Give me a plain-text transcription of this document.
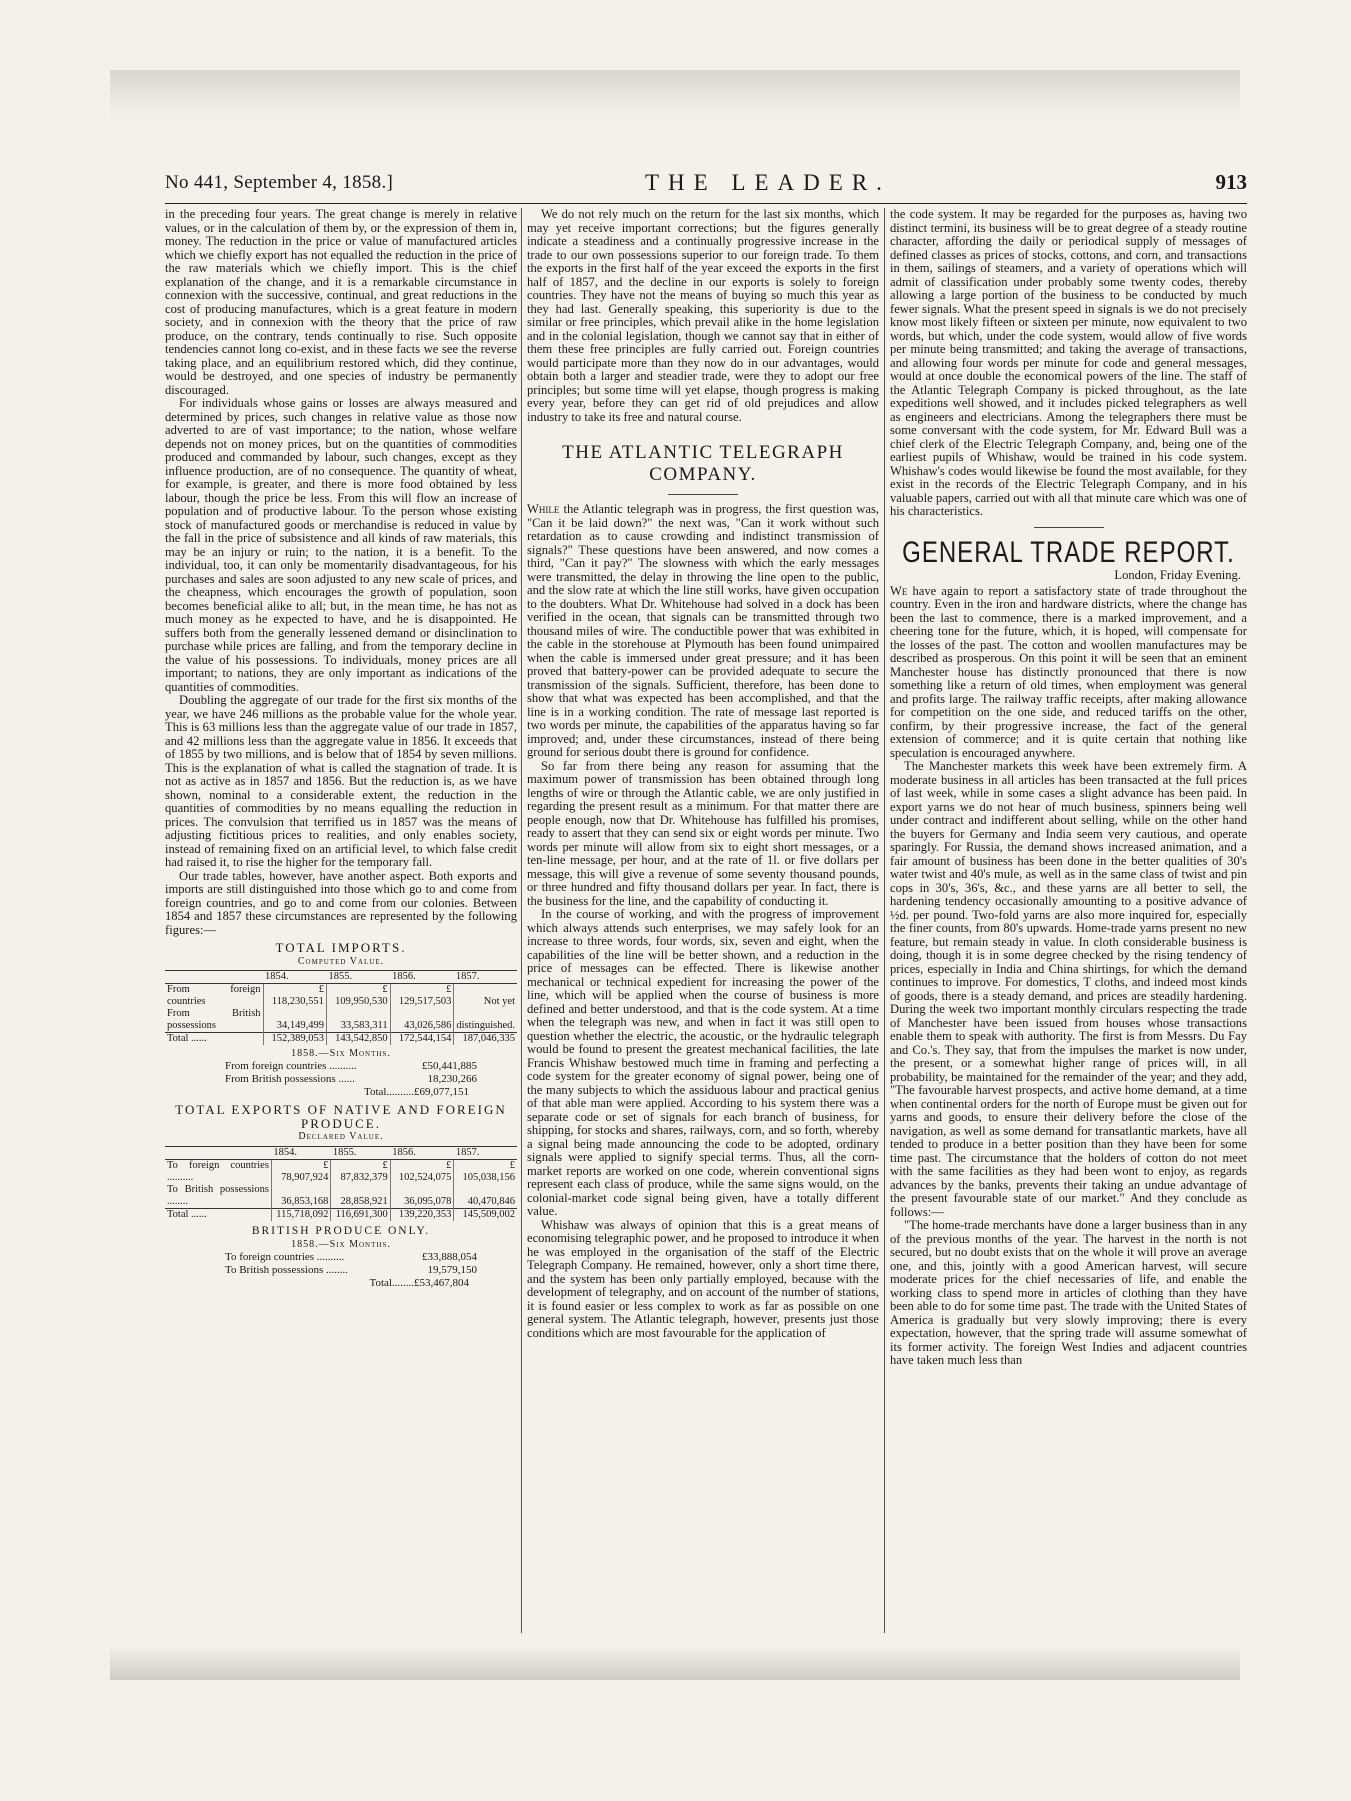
No 441, September 4, 1858.]	THE LEADER.	913

in the preceding four years. The great change is merely in relative values, or in the calculation of them by, or the expression of them in, money. The reduction in the price or value of manufactured articles which we chiefly export has not equalled the reduction in the price of the raw materials which we chiefly import. This is the chief explanation of the change, and it is a remarkable circumstance in connexion with the successive, continual, and great reductions in the cost of producing manufactures, which is a great feature in modern society, and in connexion with the theory that the price of raw produce, on the contrary, tends continually to rise. Such opposite tendencies cannot long co-exist, and in these facts we see the reverse taking place, and an equilibrium restored which, did they continue, would be destroyed, and one species of industry be permanently discouraged.

For individuals whose gains or losses are always measured and determined by prices, such changes in relative value as those now adverted to are of vast importance; to the nation, whose welfare depends not on money prices, but on the quantities of commodities produced and commanded by labour, such changes, except as they influence production, are of no consequence. The quantity of wheat, for example, is greater, and there is more food obtained by less labour, though the price be less. From this will flow an increase of population and of productive labour. To the person whose existing stock of manufactured goods or merchandise is reduced in value by the fall in the price of subsistence and all kinds of raw materials, this may be an injury or ruin; to the nation, it is a benefit. To the individual, too, it can only be momentarily disadvantageous, for his purchases and sales are soon adjusted to any new scale of prices, and the cheapness, which encourages the growth of population, soon becomes beneficial alike to all; but, in the mean time, he has not as much money as he expected to have, and he is disappointed. He suffers both from the generally lessened demand or disinclination to purchase while prices are falling, and from the temporary decline in the value of his possessions. To individuals, money prices are all important; to nations, they are only important as indications of the quantities of commodities.

Doubling the aggregate of our trade for the first six months of the year, we have 246 millions as the probable value for the whole year. This is 63 millions less than the aggregate value of our trade in 1857, and 42 millions less than the aggregate value in 1856. It exceeds that of 1855 by two millions, and is below that of 1854 by seven millions. This is the explanation of what is called the stagnation of trade. It is not as active as in 1857 and 1856. But the reduction is, as we have shown, nominal to a considerable extent, the reduction in the quantities of commodities by no means equalling the reduction in prices. The convulsion that terrified us in 1857 was the means of adjusting fictitious prices to realities, and only enables society, instead of remaining fixed on an artificial level, to which false credit had raised it, to rise the higher for the temporary fall.

Our trade tables, however, have another aspect. Both exports and imports are still distinguished into those which go to and come from foreign countries, and go to and come from our colonies. Between 1854 and 1857 these circumstances are represented by the following figures:—

TOTAL IMPORTS.
Computed Value.
	1854.	1855.	1856.	1857.
From foreign countries	£ 118,230,551	£ 109,950,530	£ 129,517,503	Not yet
From British possessions	34,149,499	33,583,311	43,026,586	distinguished.
Total ......	152,389,053	143,542,850	172,544,154	187,046,335
1858.—Six Months.
From foreign countries ..........	£50,441,885
From British possessions ......	18,230,266
Total..........£69,077,151
TOTAL EXPORTS OF NATIVE AND FOREIGN PRODUCE.
Declared Value.
	1854.	1855.	1856.	1857.
To foreign countries ..........	£ 78,907,924	£ 87,832,379	£ 102,524,075	£ 105,038,156
To British possessions ........	36,853,168	28,858,921	36,095,078	40,470,846
Total ......	115,718,092	116,691,300	139,220,353	145,509,002
BRITISH PRODUCE ONLY.
1858.—Six Months.
To foreign countries ..........	£33,888,054
To British possessions ........	19,579,150
Total........£53,467,804

We do not rely much on the return for the last six months, which may yet receive important corrections; but the figures generally indicate a steadiness and a continually progressive increase in the trade to our own possessions superior to our foreign trade. To them the exports in the first half of the year exceed the exports in the first half of 1857, and the decline in our exports is solely to foreign countries. They have not the means of buying so much this year as they had last. Generally speaking, this superiority is due to the similar or free principles, which prevail alike in the home legislation and in the colonial legislation, though we cannot say that in either of them these free principles are fully carried out. Foreign countries would participate more than they now do in our advantages, would obtain both a larger and steadier trade, were they to adopt our free principles; but some time will yet elapse, though progress is making every year, before they can get rid of old prejudices and allow industry to take its free and natural course.

THE ATLANTIC TELEGRAPH COMPANY.

While the Atlantic telegraph was in progress, the first question was, "Can it be laid down?" the next was, "Can it work without such retardation as to cause crowding and indistinct transmission of signals?" These questions have been answered, and now comes a third, "Can it pay?" The slowness with which the early messages were transmitted, the delay in throwing the line open to the public, and the slow rate at which the line still works, have given occupation to the doubters. What Dr. Whitehouse had solved in a dock has been verified in the ocean, that signals can be transmitted through two thousand miles of wire. The conductible power that was exhibited in the cable in the storehouse at Plymouth has been found unimpaired when the cable is immersed under great pressure; and it has been proved that battery-power can be provided adequate to secure the transmission of the signals. Sufficient, therefore, has been done to show that what was expected has been accomplished, and that the line is in a working condition. The rate of message last reported is two words per minute, the capabilities of the apparatus having so far improved; and, under these circumstances, instead of there being ground for serious doubt there is ground for confidence.

So far from there being any reason for assuming that the maximum power of transmission has been obtained through long lengths of wire or through the Atlantic cable, we are only justified in regarding the present result as a minimum. For that matter there are people enough, now that Dr. Whitehouse has fulfilled his promises, ready to assert that they can send six or eight words per minute. Two words per minute will allow from six to eight short messages, or a ten-line message, per hour, and at the rate of 1l. or five dollars per message, this will give a revenue of some seventy thousand pounds, or three hundred and fifty thousand dollars per year. In fact, there is the business for the line, and the capability of conducting it.

In the course of working, and with the progress of improvement which always attends such enterprises, we may safely look for an increase to three words, four words, six, seven and eight, when the capabilities of the line will be better shown, and a reduction in the price of messages can be effected. There is likewise another mechanical or technical expedient for increasing the power of the line, which will be applied when the course of business is more defined and better understood, and that is the code system. At a time when the telegraph was new, and when in fact it was still open to question whether the electric, the acoustic, or the hydraulic telegraph would be found to present the greatest mechanical facilities, the late Francis Whishaw bestowed much time in framing and perfecting a code system for the greater economy of signal power, being one of the many subjects to which the assiduous labour and practical genius of that able man were applied. According to his system there was a separate code or set of signals for each branch of business, for shipping, for stocks and shares, railways, corn, and so forth, whereby a signal being made announcing the code to be adopted, ordinary signals were applied to signify special terms. Thus, all the corn-market reports are worked on one code, wherein conventional signs represent each class of produce, while the same signs would, on the colonial-market code signal being given, have a totally different value.

Whishaw was always of opinion that this is a great means of economising telegraphic power, and he proposed to introduce it when he was employed in the organisation of the staff of the Electric Telegraph Company. He remained, however, only a short time there, and the system has been only partially employed, because with the development of telegraphy, and on account of the number of stations, it is found easier or less complex to work as far as possible on one general system. The Atlantic telegraph, however, presents just those conditions which are most favourable for the application of

the code system. It may be regarded for the purposes as, having two distinct termini, its business will be to great degree of a steady routine character, affording the daily or periodical supply of messages of defined classes as prices of stocks, cottons, and corn, and transactions in them, sailings of steamers, and a variety of operations which will admit of classification under probably some twenty codes, thereby allowing a large portion of the business to be conducted by much fewer signals. What the present speed in signals is we do not precisely know most likely fifteen or sixteen per minute, now equivalent to two words, but which, under the code system, would allow of five words per minute being transmitted; and taking the average of transactions, and allowing four words per minute for code and general messages, would at once double the economical powers of the line. The staff of the Atlantic Telegraph Company is picked throughout, as the late expeditions well showed, and it includes picked telegraphers as well as engineers and electricians. Among the telegraphers there must be some conversant with the code system, for Mr. Edward Bull was a chief clerk of the Electric Telegraph Company, and, being one of the earliest pupils of Whishaw, would be trained in his code system. Whishaw's codes would likewise be found the most available, for they exist in the records of the Electric Telegraph Company, and in his valuable papers, carried out with all that minute care which was one of his characteristics.

GENERAL TRADE REPORT.
London, Friday Evening.

We have again to report a satisfactory state of trade throughout the country. Even in the iron and hardware districts, where the change has been the last to commence, there is a marked improvement, and a cheering tone for the future, which, it is hoped, will compensate for the losses of the past. The cotton and woollen manufactures may be described as prosperous. On this point it will be seen that an eminent Manchester house has distinctly pronounced that there is now something like a return of old times, when employment was general and profits large. The railway traffic receipts, after making allowance for competition on the one side, and reduced tariffs on the other, confirm, by their progressive increase, the fact of the general extension of commerce; and it is quite certain that nothing like speculation is encouraged anywhere.

The Manchester markets this week have been extremely firm. A moderate business in all articles has been transacted at the full prices of last week, while in some cases a slight advance has been paid. In export yarns we do not hear of much business, spinners being well under contract and indifferent about selling, while on the other hand the buyers for Germany and India seem very cautious, and operate sparingly. For Russia, the demand shows increased animation, and a fair amount of business has been done in the better qualities of 30's water twist and 40's mule, as well as in the same class of twist and pin cops in 30's, 36's, &c., and these yarns are all better to sell, the hardening tendency occasionally amounting to a positive advance of ½d. per pound. Two-fold yarns are also more inquired for, especially the finer counts, from 80's upwards. Home-trade yarns present no new feature, but remain steady in value. In cloth considerable business is doing, though it is in some degree checked by the rising tendency of prices, especially in India and China shirtings, for which the demand continues to improve. For domestics, T cloths, and indeed most kinds of goods, there is a steady demand, and prices are steadily hardening. During the week two important monthly circulars respecting the trade of Manchester have been issued from houses whose transactions enable them to speak with authority. The first is from Messrs. Du Fay and Co.'s. They say, that from the impulses the market is now under, the present, or a somewhat higher range of prices will, in all probability, be maintained for the remainder of the year; and they add, "The favourable harvest prospects, and active home demand, at a time when continental orders for the north of Europe must be given out for yarns and goods, to ensure their delivery before the close of the navigation, as well as some demand for transatlantic markets, have all tended to produce in a better position than they have been for some time past. The circumstance that the holders of cotton do not meet with the same facilities as they had been wont to enjoy, as regards advances by the banks, prevents their taking an undue advantage of the present favourable state of our market." And they conclude as follows:—

"The home-trade merchants have done a larger business than in any of the previous months of the year. The harvest in the north is not secured, but no doubt exists that on the whole it will prove an average one, and this, jointly with a good American harvest, will secure moderate prices for the chief necessaries of life, and enable the working class to spend more in articles of clothing than they have been able to do for some time past. The trade with the United States of America is gradually but very slowly improving; there is every expectation, however, that the spring trade will assume somewhat of its former activity. The foreign West Indies and adjacent countries have taken much less than
